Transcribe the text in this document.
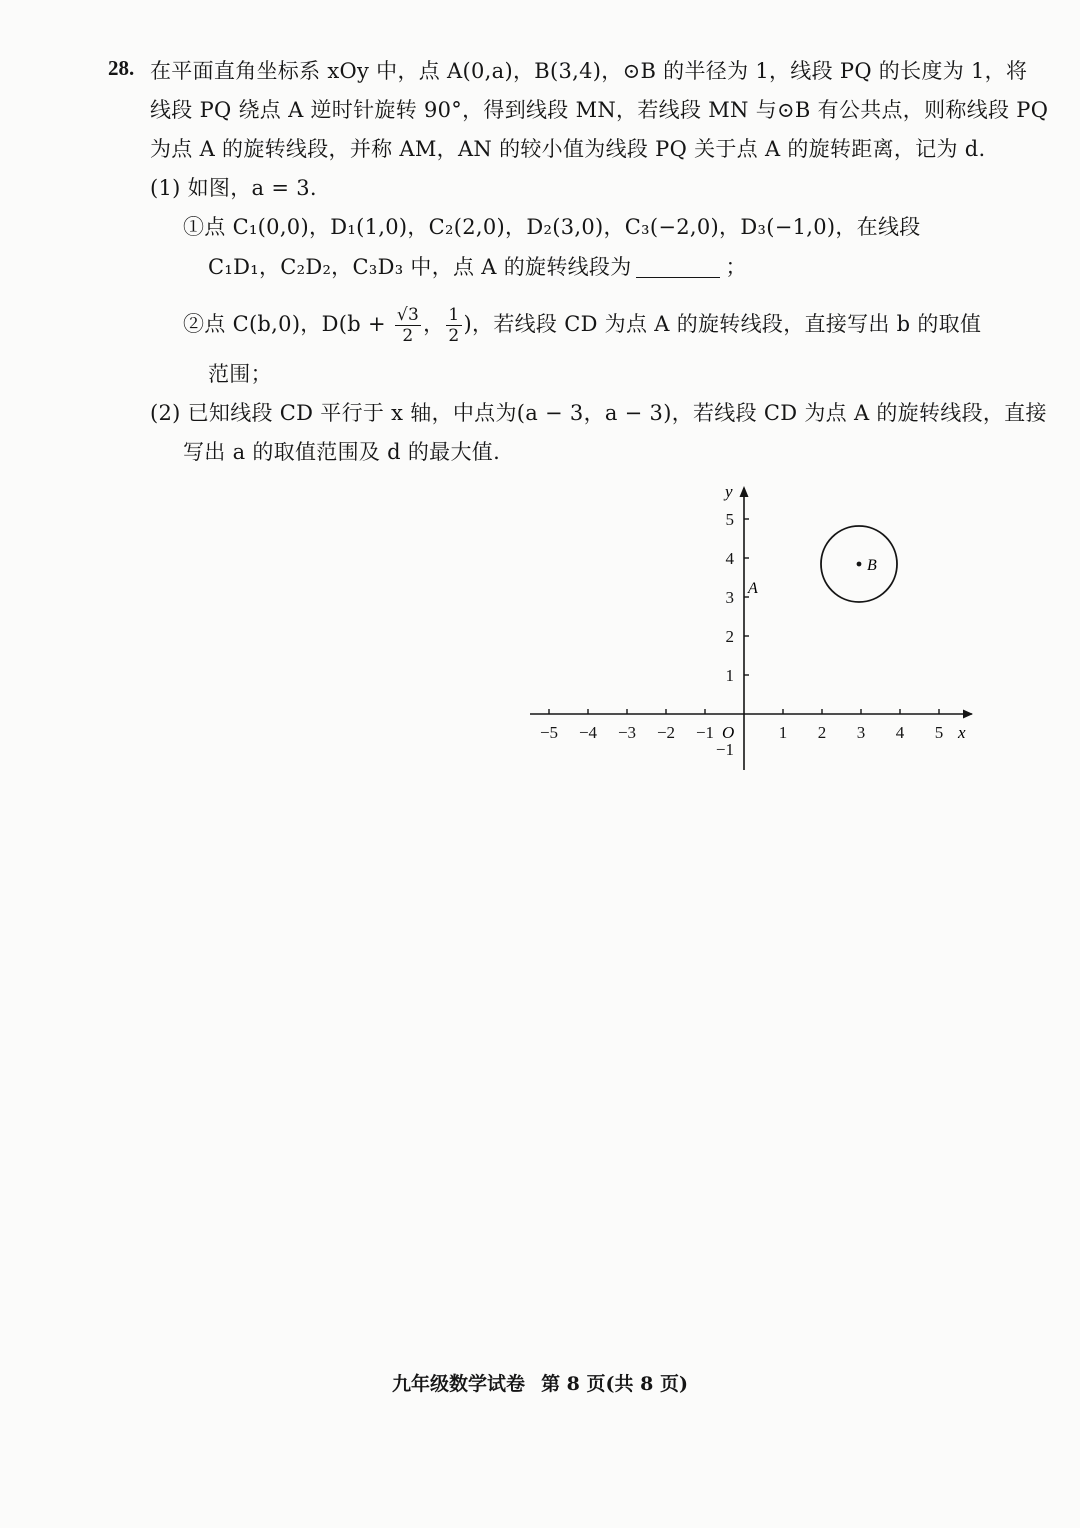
28. 在平面直角坐标系 xOy 中，点 A(0,a)，B(3,4)，⊙B 的半径为 1，线段 PQ 的长度为 1，将
线段 PQ 绕点 A 逆时针旋转 90°，得到线段 MN，若线段 MN 与⊙B 有公共点，则称线段 PQ
为点 A 的旋转线段，并称 AM，AN 的较小值为线段 PQ 关于点 A 的旋转距离，记为 d.
(1) 如图，a = 3.
①点 C₁(0,0)，D₁(1,0)，C₂(2,0)，D₂(3,0)，C₃(−2,0)，D₃(−1,0)，在线段
C₁D₁，C₂D₂，C₃D₃ 中，点 A 的旋转线段为	；
②点 C(b,0)，$D(b + \frac{√3}{2}$ ， $\frac{1}{2}$ )，若线段 CD 为点 A 的旋转线段，直接写出 b 的取值
范围；
(2) 已知线段 CD 平行于 x 轴，中点为(a − 3，a − 3)，若线段 CD 为点 A 的旋转线段，直接
写出 a 的取值范围及 d 的最大值.
−5 −4 −3 −2 −1	1 2 3 4 5
5
4
3
2
1
−1
x
y
O
B
A
九年级数学试卷 第 8 页(共 8 页)
